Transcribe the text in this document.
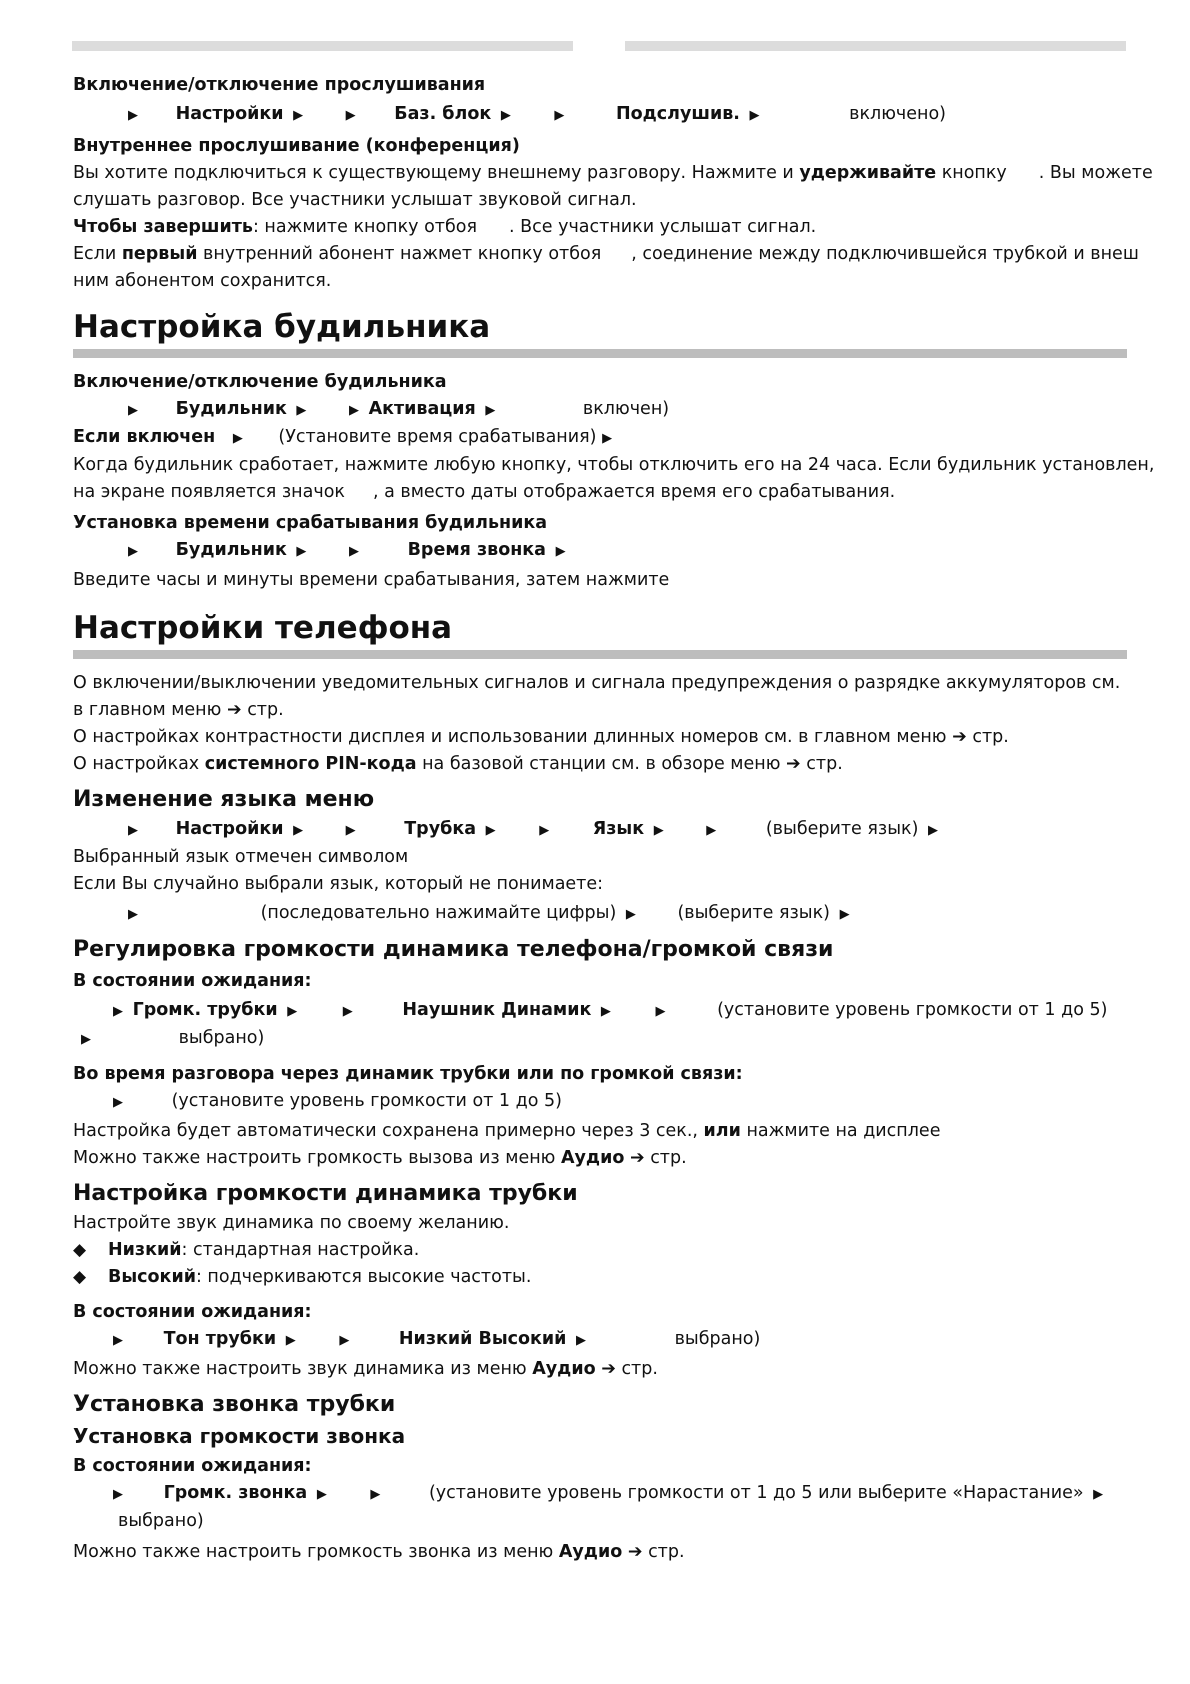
Включение/отключение прослушивания

▶ Настройки ▶	▶ Баз. блок ▶	▶	Подслушив. ▶	включено)

Внутреннее прослушивание (конференция)

Вы хотите подключиться к существующему внешнему разговору. Нажмите и удерживайте кнопку . Вы можете

слушать разговор. Все участники услышат звуковой сигнал.

Чтобы завершить: нажмите кнопку отбоя . Все участники услышат сигнал.

Если первый внутренний абонент нажмет кнопку отбоя , соединение между подключившейся трубкой и внеш

ним абонентом сохранится.

Настройка будильника

Включение/отключение будильника

▶ Будильник ▶	▶ Активация ▶	включен)

Если включен ▶ (Установите время срабатывания) ▶

Когда будильник сработает, нажмите любую кнопку, чтобы отключить его на 24 часа. Если будильник установлен,

на экране появляется значок , а вместо даты отображается время его срабатывания.

Установка времени срабатывания будильника

▶ Будильник ▶	▶	Время звонка ▶

Введите часы и минуты времени срабатывания, затем нажмите

Настройки телефона

О включении/выключении уведомительных сигналов и сигнала предупреждения о разрядке аккумуляторов см.

в главном меню ➔ стр.

О настройках контрастности дисплея и использовании длинных номеров см. в главном меню ➔ стр.

О настройках системного PIN-кода на базовой станции см. в обзоре меню ➔ стр.

Изменение языка меню

▶ Настройки ▶	▶	Трубка ▶	▶ Язык ▶	▶	(выберите язык) ▶

Выбранный язык отмечен символом

Если Вы случайно выбрали язык, который не понимаете:

▶	(последовательно нажимайте цифры) ▶ (выберите язык) ▶

Регулировка громкости динамика телефона/громкой связи

В состоянии ожидания:

▶ Громк. трубки ▶	▶	Наушник Динамик ▶	▶	(установите уровень громкости от 1 до 5)

▶	выбрано)

Во время разговора через динамик трубки или по громкой связи:

▶	(установите уровень громкости от 1 до 5)

Настройка будет автоматически сохранена примерно через 3 сек., или нажмите на дисплее

Можно также настроить громкость вызова из меню Аудио ➔ стр.

Настройка громкости динамика трубки

Настройте звук динамика по своему желанию.

◆ Низкий: стандартная настройка.

◆ Высокий: подчеркиваются высокие частоты.

В состоянии ожидания:

▶ Тон трубки ▶	▶	Низкий Высокий ▶	выбрано)

Можно также настроить звук динамика из меню Аудио ➔ стр.

Установка звонка трубки

Установка громкости звонка

В состоянии ожидания:

▶ Громк. звонка ▶	▶	(установите уровень громкости от 1 до 5 или выберите «Нарастание» ▶

выбрано)

Можно также настроить громкость звонка из меню Аудио ➔ стр.
